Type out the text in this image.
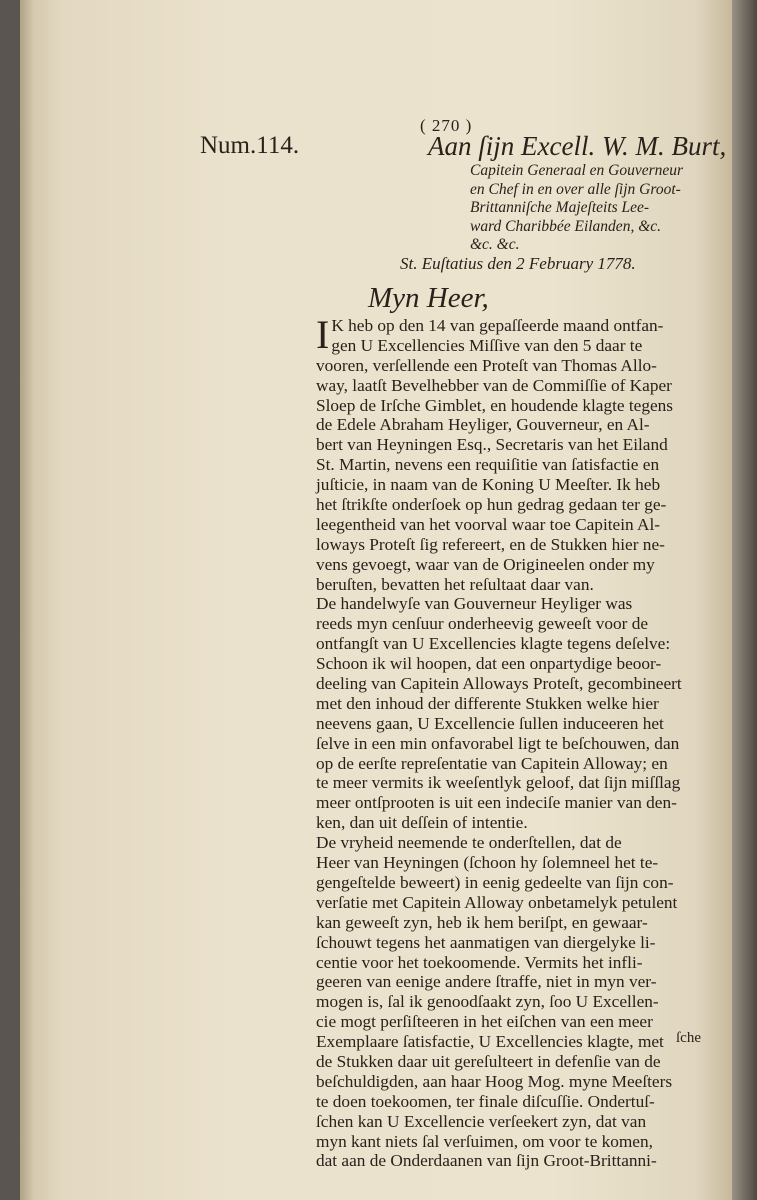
( 270 )
Num.114.	Aan ſijn Excell. W. M. Burt,
Capitein Generaal en Gouverneur
en Chef in en over alle ſijn Groot-
Brittanniſche Majeſteits Lee-
ward Charibbée Eilanden, &c.
&c. &c.
St. Euſtatius den 2 February 1778.
Myn Heer,
I K heb op den 14 van gepaſſeerde maand ontfan-
gen U Excellencies Miſſive van den 5 daar te
vooren, verſellende een Proteſt van Thomas Allo-
way, laatſt Bevelhebber van de Commiſſie of Kaper
Sloep de Irſche Gimblet, en houdende klagte tegens
de Edele Abraham Heyliger, Gouverneur, en Al-
bert van Heyningen Esq., Secretaris van het Eiland
St. Martin, nevens een requiſitie van ſatisfactie en
juſticie, in naam van de Koning U Meeſter. Ik heb
het ſtrikſte onderſoek op hun gedrag gedaan ter ge-
leegentheid van het voorval waar toe Capitein Al-
loways Proteſt ſig refereert, en de Stukken hier ne-
vens gevoegt, waar van de Origineelen onder my
beruſten, bevatten het reſultaat daar van.
De handelwyſe van Gouverneur Heyliger was
reeds myn cenſuur onderheevig geweeſt voor de
ontfangſt van U Excellencies klagte tegens deſelve:
Schoon ik wil hoopen, dat een onpartydige beoor-
deeling van Capitein Alloways Proteſt, gecombineert
met den inhoud der differente Stukken welke hier
neevens gaan, U Excellencie ſullen induceeren het
ſelve in een min onfavorabel ligt te beſchouwen, dan
op de eerſte repreſentatie van Capitein Alloway; en
te meer vermits ik weeſentlyk geloof, dat ſijn miſſlag
meer ontſprooten is uit een indeciſe manier van den-
ken, dan uit deſſein of intentie.
De vryheid neemende te onderſtellen, dat de
Heer van Heyningen (ſchoon hy ſolemneel het te-
gengeſtelde beweert) in eenig gedeelte van ſijn con-
verſatie met Capitein Alloway onbetamelyk petulent
kan geweeſt zyn, heb ik hem beriſpt, en gewaar-
ſchouwt tegens het aanmatigen van diergelyke li-
centie voor het toekoomende. Vermits het infli-
geeren van eenige andere ſtraffe, niet in myn ver-
mogen is, ſal ik genoodſaakt zyn, ſoo U Excellen-
cie mogt perſiſteeren in het eiſchen van een meer
Exemplaare ſatisfactie, U Excellencies klagte, met
de Stukken daar uit gereſulteert in defenſie van de
beſchuldigden, aan haar Hoog Mog. myne Meeſters
te doen toekoomen, ter finale diſcuſſie. Ondertuſ-
ſchen kan U Excellencie verſeekert zyn, dat van
myn kant niets ſal verſuimen, om voor te komen,
dat aan de Onderdaanen van ſijn Groot-Brittanni-
ſche
